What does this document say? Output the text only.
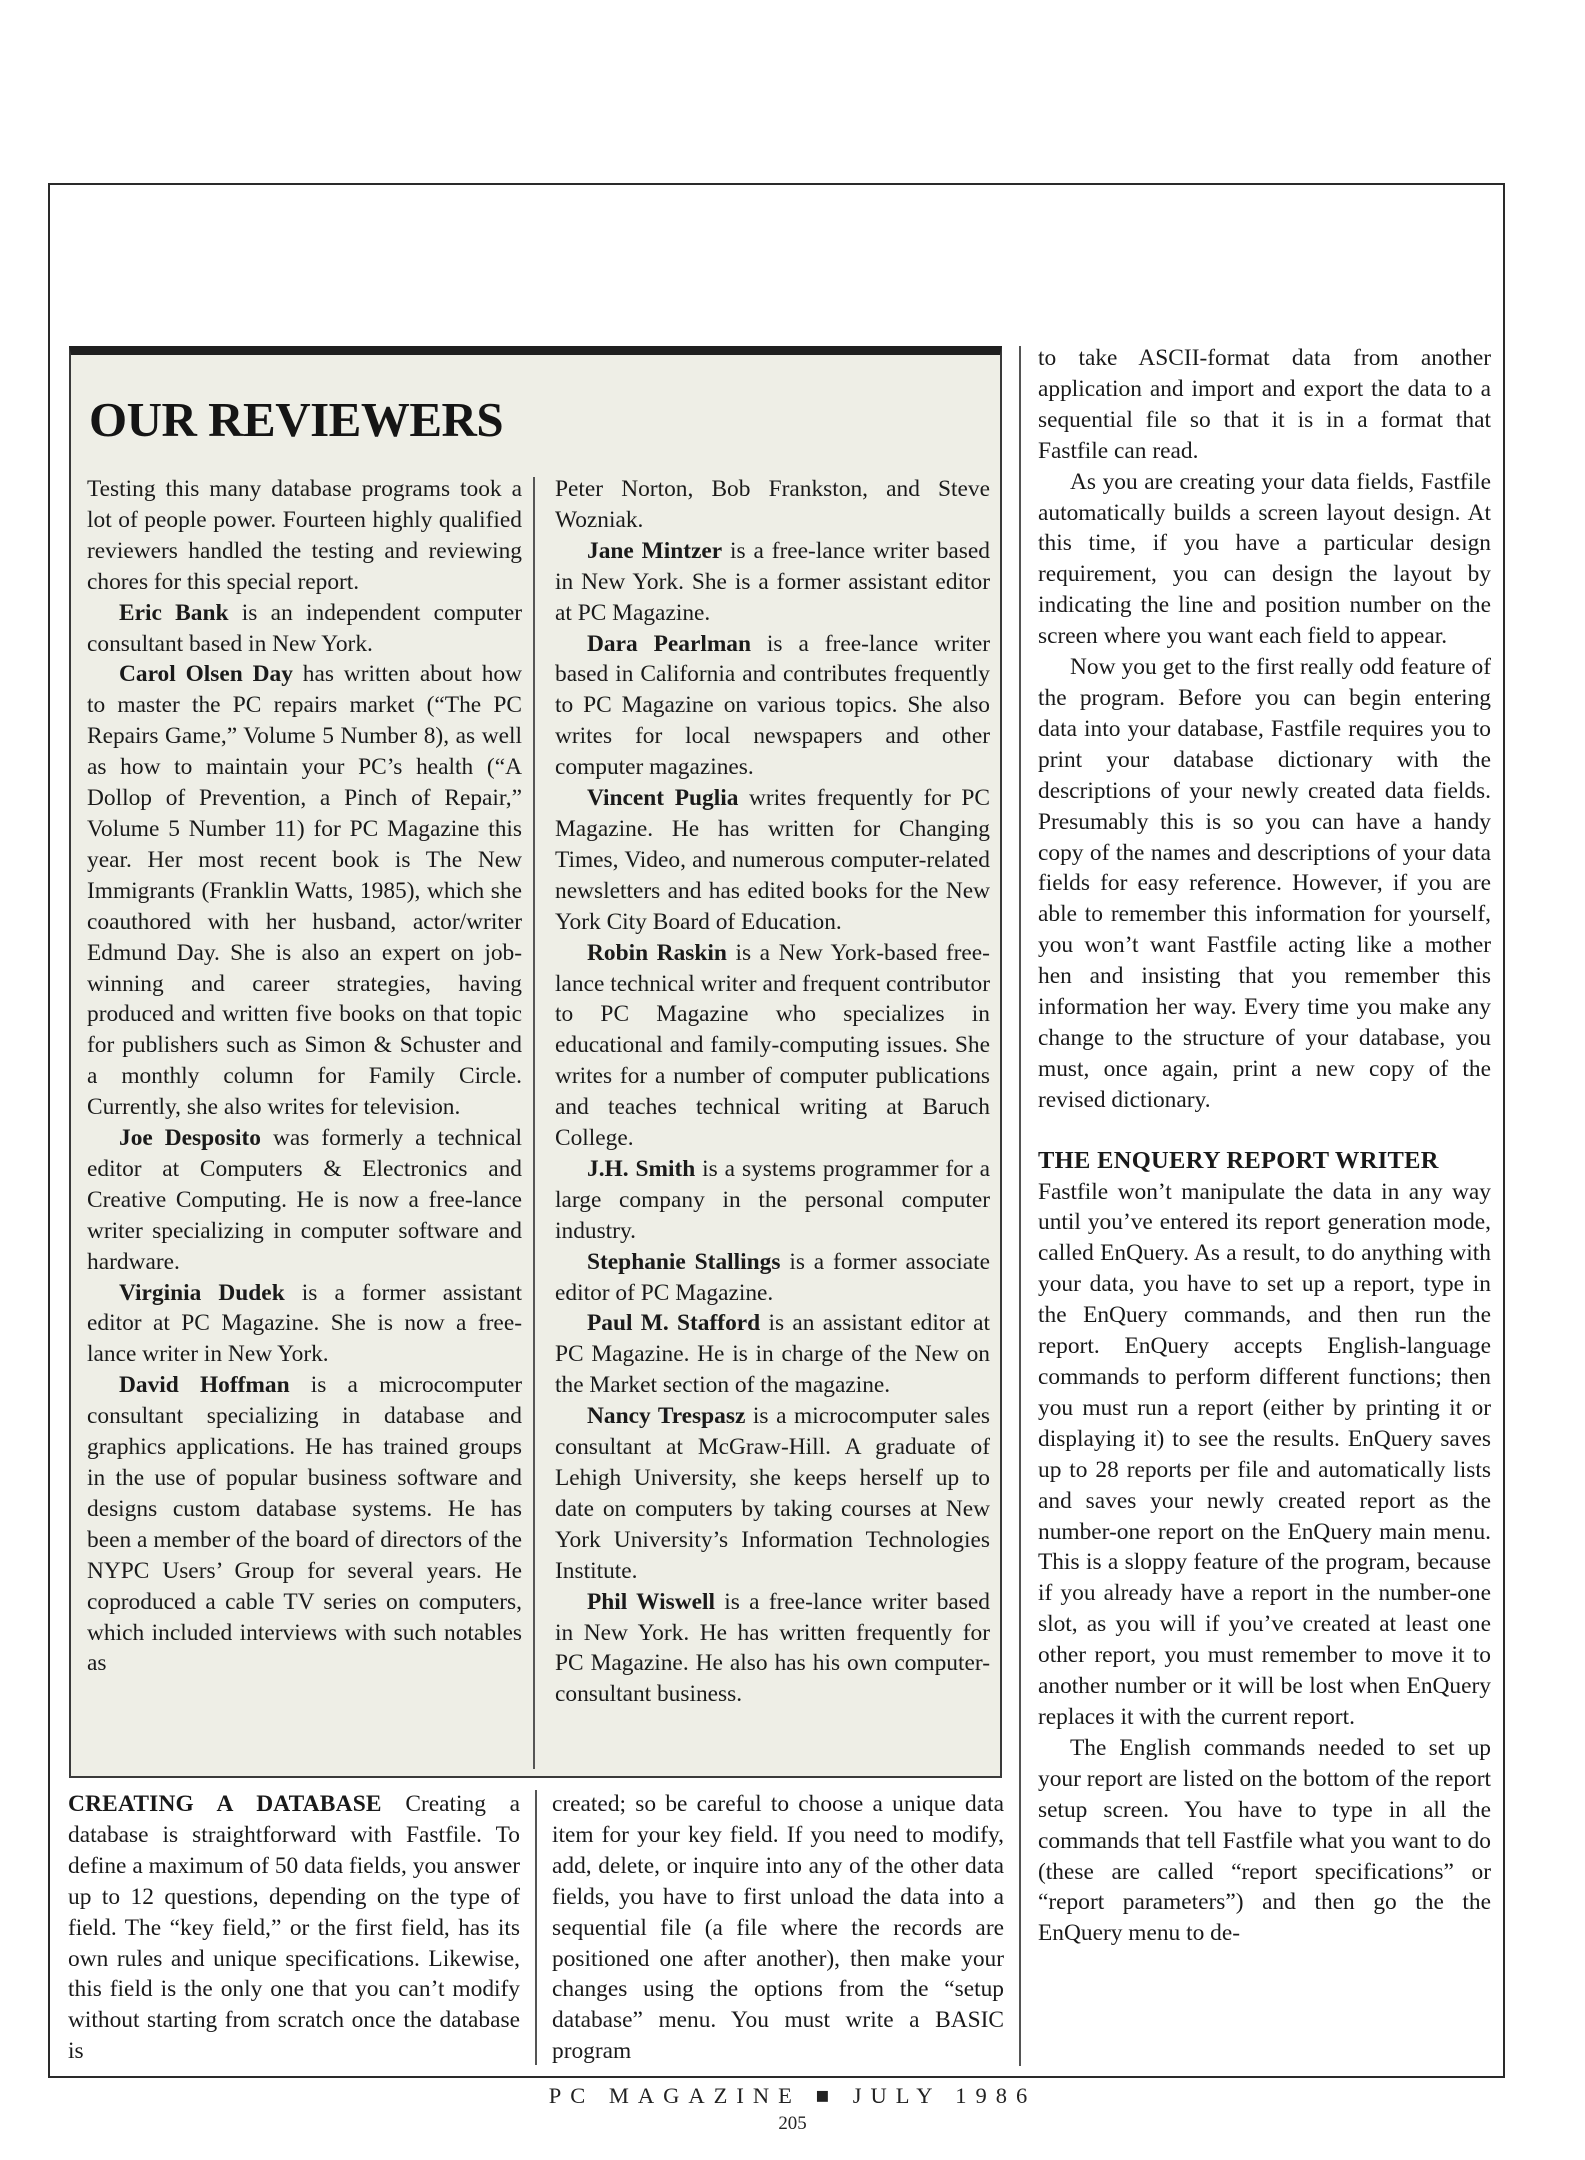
OUR REVIEWERS

Testing this many database programs took a lot of people power. Fourteen highly qualified reviewers handled the testing and reviewing chores for this special report.

Eric Bank is an independent computer consultant based in New York.

Carol Olsen Day has written about how to master the PC repairs market (“The PC Repairs Game,” Volume 5 Number 8), as well as how to maintain your PC’s health (“A Dollop of Prevention, a Pinch of Repair,” Volume 5 Number 11) for PC Magazine this year. Her most recent book is The New Immigrants (Franklin Watts, 1985), which she coauthored with her husband, actor/writer Edmund Day. She is also an expert on job-winning and career strategies, having produced and written five books on that topic for publishers such as Simon & Schuster and a monthly column for Family Circle. Currently, she also writes for television.

Joe Desposito was formerly a technical editor at Computers & Electronics and Creative Computing. He is now a free-lance writer specializing in computer software and hardware.

Virginia Dudek is a former assistant editor at PC Magazine. She is now a free-lance writer in New York.

David Hoffman is a microcomputer consultant specializing in database and graphics applications. He has trained groups in the use of popular business software and designs custom database systems. He has been a member of the board of directors of the NYPC Users’ Group for several years. He coproduced a cable TV series on computers, which included interviews with such notables as

Peter Norton, Bob Frankston, and Steve Wozniak.

Jane Mintzer is a free-lance writer based in New York. She is a former assistant editor at PC Magazine.

Dara Pearlman is a free-lance writer based in California and contributes frequently to PC Magazine on various topics. She also writes for local newspapers and other computer magazines.

Vincent Puglia writes frequently for PC Magazine. He has written for Changing Times, Video, and numerous computer-related newsletters and has edited books for the New York City Board of Education.

Robin Raskin is a New York-based free-lance technical writer and frequent contributor to PC Magazine who specializes in educational and family-computing issues. She writes for a number of computer publications and teaches technical writing at Baruch College.

J.H. Smith is a systems programmer for a large company in the personal computer industry.

Stephanie Stallings is a former associate editor of PC Magazine.

Paul M. Stafford is an assistant editor at PC Magazine. He is in charge of the New on the Market section of the magazine.

Nancy Trespasz is a microcomputer sales consultant at McGraw-Hill. A graduate of Lehigh University, she keeps herself up to date on computers by taking courses at New York University’s Information Technologies Institute.

Phil Wiswell is a free-lance writer based in New York. He has written frequently for PC Magazine. He also has his own computer-consultant business.

CREATING A DATABASE Creating a database is straightforward with Fastfile. To define a maximum of 50 data fields, you answer up to 12 questions, depending on the type of field. The “key field,” or the first field, has its own rules and unique specifications. Likewise, this field is the only one that you can’t modify without starting from scratch once the database is

created; so be careful to choose a unique data item for your key field. If you need to modify, add, delete, or inquire into any of the other data fields, you have to first unload the data into a sequential file (a file where the records are positioned one after another), then make your changes using the options from the “setup database” menu. You must write a BASIC program

to take ASCII-format data from another application and import and export the data to a sequential file so that it is in a format that Fastfile can read.

As you are creating your data fields, Fastfile automatically builds a screen layout design. At this time, if you have a particular design requirement, you can design the layout by indicating the line and position number on the screen where you want each field to appear.

Now you get to the first really odd feature of the program. Before you can begin entering data into your database, Fastfile requires you to print your database dictionary with the descriptions of your newly created data fields. Presumably this is so you can have a handy copy of the names and descriptions of your data fields for easy reference. However, if you are able to remember this information for yourself, you won’t want Fastfile acting like a mother hen and insisting that you remember this information her way. Every time you make any change to the structure of your database, you must, once again, print a new copy of the revised dictionary.

THE ENQUERY REPORT WRITER

Fastfile won’t manipulate the data in any way until you’ve entered its report generation mode, called EnQuery. As a result, to do anything with your data, you have to set up a report, type in the EnQuery commands, and then run the report. EnQuery accepts English-language commands to perform different functions; then you must run a report (either by printing it or displaying it) to see the results. EnQuery saves up to 28 reports per file and automatically lists and saves your newly created report as the number-one report on the EnQuery main menu. This is a sloppy feature of the program, because if you already have a report in the number-one slot, as you will if you’ve created at least one other report, you must remember to move it to another number or it will be lost when EnQuery replaces it with the current report.

The English commands needed to set up your report are listed on the bottom of the report setup screen. You have to type in all the commands that tell Fastfile what you want to do (these are called “report specifications” or “report parameters”) and then go the the EnQuery menu to de-

PC MAGAZINE ■ JULY 1986
205
